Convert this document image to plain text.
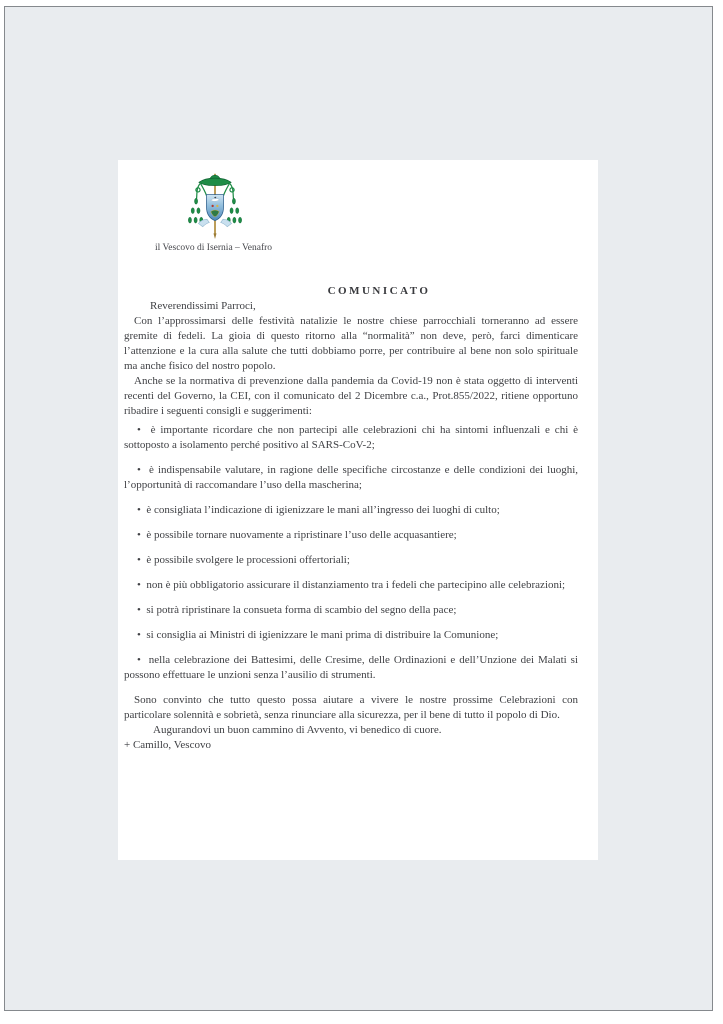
il Vescovo di Isernia – Venafro
COMUNICATO

Reverendissimi Parroci,

Con l’approssimarsi delle festività natalizie le nostre chiese parrocchiali torneranno ad essere gremite di fedeli. La gioia di questo ritorno alla “normalità” non deve, però, farci dimenticare l’attenzione e la cura alla salute che tutti dobbiamo porre, per contribuire al bene non solo spirituale ma anche fisico del nostro popolo.

Anche se la normativa di prevenzione dalla pandemia da Covid-19 non è stata oggetto di interventi recenti del Governo, la CEI, con il comunicato del 2 Dicembre c.a., Prot.855/2022, ritiene opportuno ribadire i seguenti consigli e suggerimenti:

•  è importante ricordare che non partecipi alle celebrazioni chi ha sintomi influenzali e chi è sottoposto a isolamento perché positivo al SARS-CoV-2;
•  è indispensabile valutare, in ragione delle specifiche circostanze e delle condizioni dei luoghi, l’opportunità di raccomandare l’uso della mascherina;
•  è consigliata l’indicazione di igienizzare le mani all’ingresso dei luoghi di culto;
•  è possibile tornare nuovamente a ripristinare l’uso delle acquasantiere;
•  è possibile svolgere le processioni offertoriali;
•  non è più obbligatorio assicurare il distanziamento tra i fedeli che partecipino alle celebrazioni;
•  si potrà ripristinare la consueta forma di scambio del segno della pace;
•  si consiglia ai Ministri di igienizzare le mani prima di distribuire la Comunione;
•  nella celebrazione dei Battesimi, delle Cresime, delle Ordinazioni e dell’Unzione dei Malati si possono effettuare le unzioni senza l’ausilio di strumenti.

Sono convinto che tutto questo possa aiutare a vivere le nostre prossime Celebrazioni con particolare solennità e sobrietà, senza rinunciare alla sicurezza, per il bene di tutto il popolo di Dio.

Augurandovi un buon cammino di Avvento, vi benedico di cuore.

+ Camillo, Vescovo
